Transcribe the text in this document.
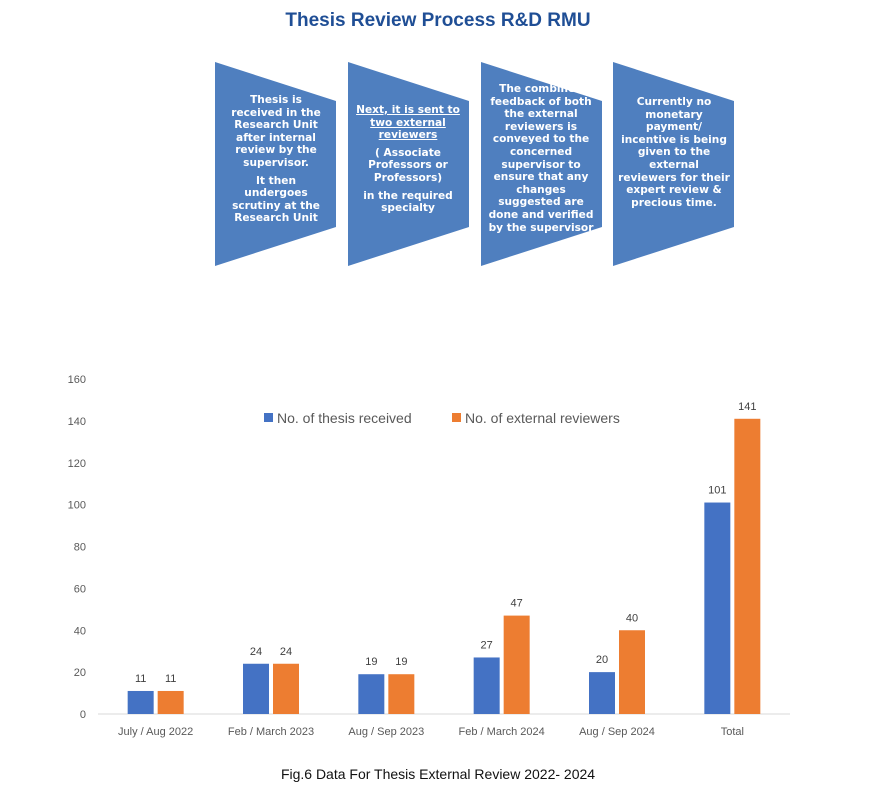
Thesis Review Process R&D RMU

Thesis is received in the Research Unit after internal review by the supervisor.

It then undergoes scrutiny at the Research Unit

Next, it is sent to two external reviewers

( Associate Professors or Professors)

in the required specialty

The combined feedback of both the external reviewers is conveyed to the concerned supervisor to ensure that any changes suggested are done and verified by the supervisor

Currently no monetary payment/ incentive is being given to the external reviewers for their expert review & precious time.

0
20
40
60
80
100
120
140
160
11 11
July / Aug 2022
24 24
Feb / March 2023
19 19
Aug / Sep 2023
27
47
Feb / March 2024
20
40
Aug / Sep 2024
101
141
Total
No. of thesis received	No. of external reviewers
Fig.6 Data For Thesis External Review 2022- 2024
